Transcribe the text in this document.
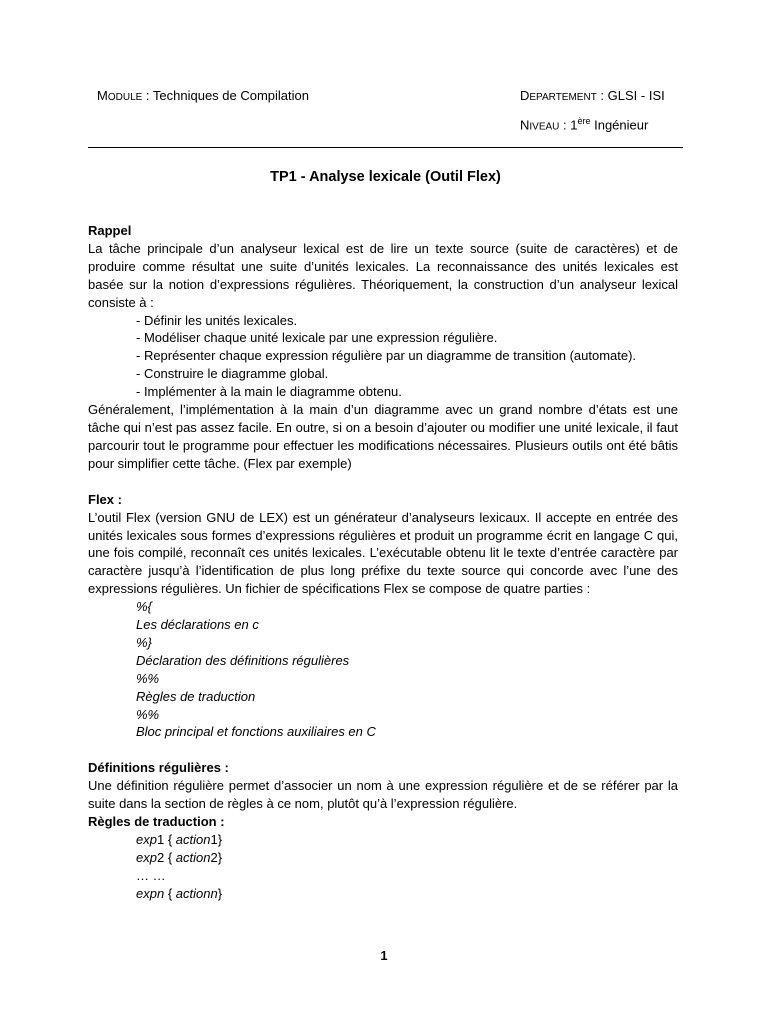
MODULE : Techniques de Compilation	DEPARTEMENT : GLSI - ISI
NIVEAU : 1ère Ingénieur
TP1 - Analyse lexicale (Outil Flex)

Rappel

La tâche principale d’un analyseur lexical est de lire un texte source (suite de caractères) et de produire comme résultat une suite d’unités lexicales. La reconnaissance des unités lexicales est basée sur la notion d’expressions régulières. Théoriquement, la construction d’un analyseur lexical consiste à :

- Définir les unités lexicales.

- Modéliser chaque unité lexicale par une expression régulière.

- Représenter chaque expression régulière par un diagramme de transition (automate).

- Construire le diagramme global.

- Implémenter à la main le diagramme obtenu.

Généralement, l’implémentation à la main d’un diagramme avec un grand nombre d’états est une tâche qui n’est pas assez facile. En outre, si on a besoin d’ajouter ou modifier une unité lexicale, il faut parcourir tout le programme pour effectuer les modifications nécessaires. Plusieurs outils ont été bâtis pour simplifier cette tâche. (Flex par exemple)

Flex :

L’outil Flex (version GNU de LEX) est un générateur d’analyseurs lexicaux. Il accepte en entrée des unités lexicales sous formes d’expressions régulières et produit un programme écrit en langage C qui, une fois compilé, reconnaît ces unités lexicales. L’exécutable obtenu lit le texte d’entrée caractère par caractère jusqu’à l’identification de plus long préfixe du texte source qui concorde avec l’une des expressions régulières. Un fichier de spécifications Flex se compose de quatre parties :

%{

Les déclarations en c

%}

Déclaration des définitions régulières

%%

Règles de traduction

%%

Bloc principal et fonctions auxiliaires en C

Définitions régulières :

Une définition régulière permet d’associer un nom à une expression régulière et de se référer par la suite dans la section de règles à ce nom, plutôt qu’à l’expression régulière.

Règles de traduction :

exp1 { action1}

exp2 { action2}

… …

expn { actionn}

1
